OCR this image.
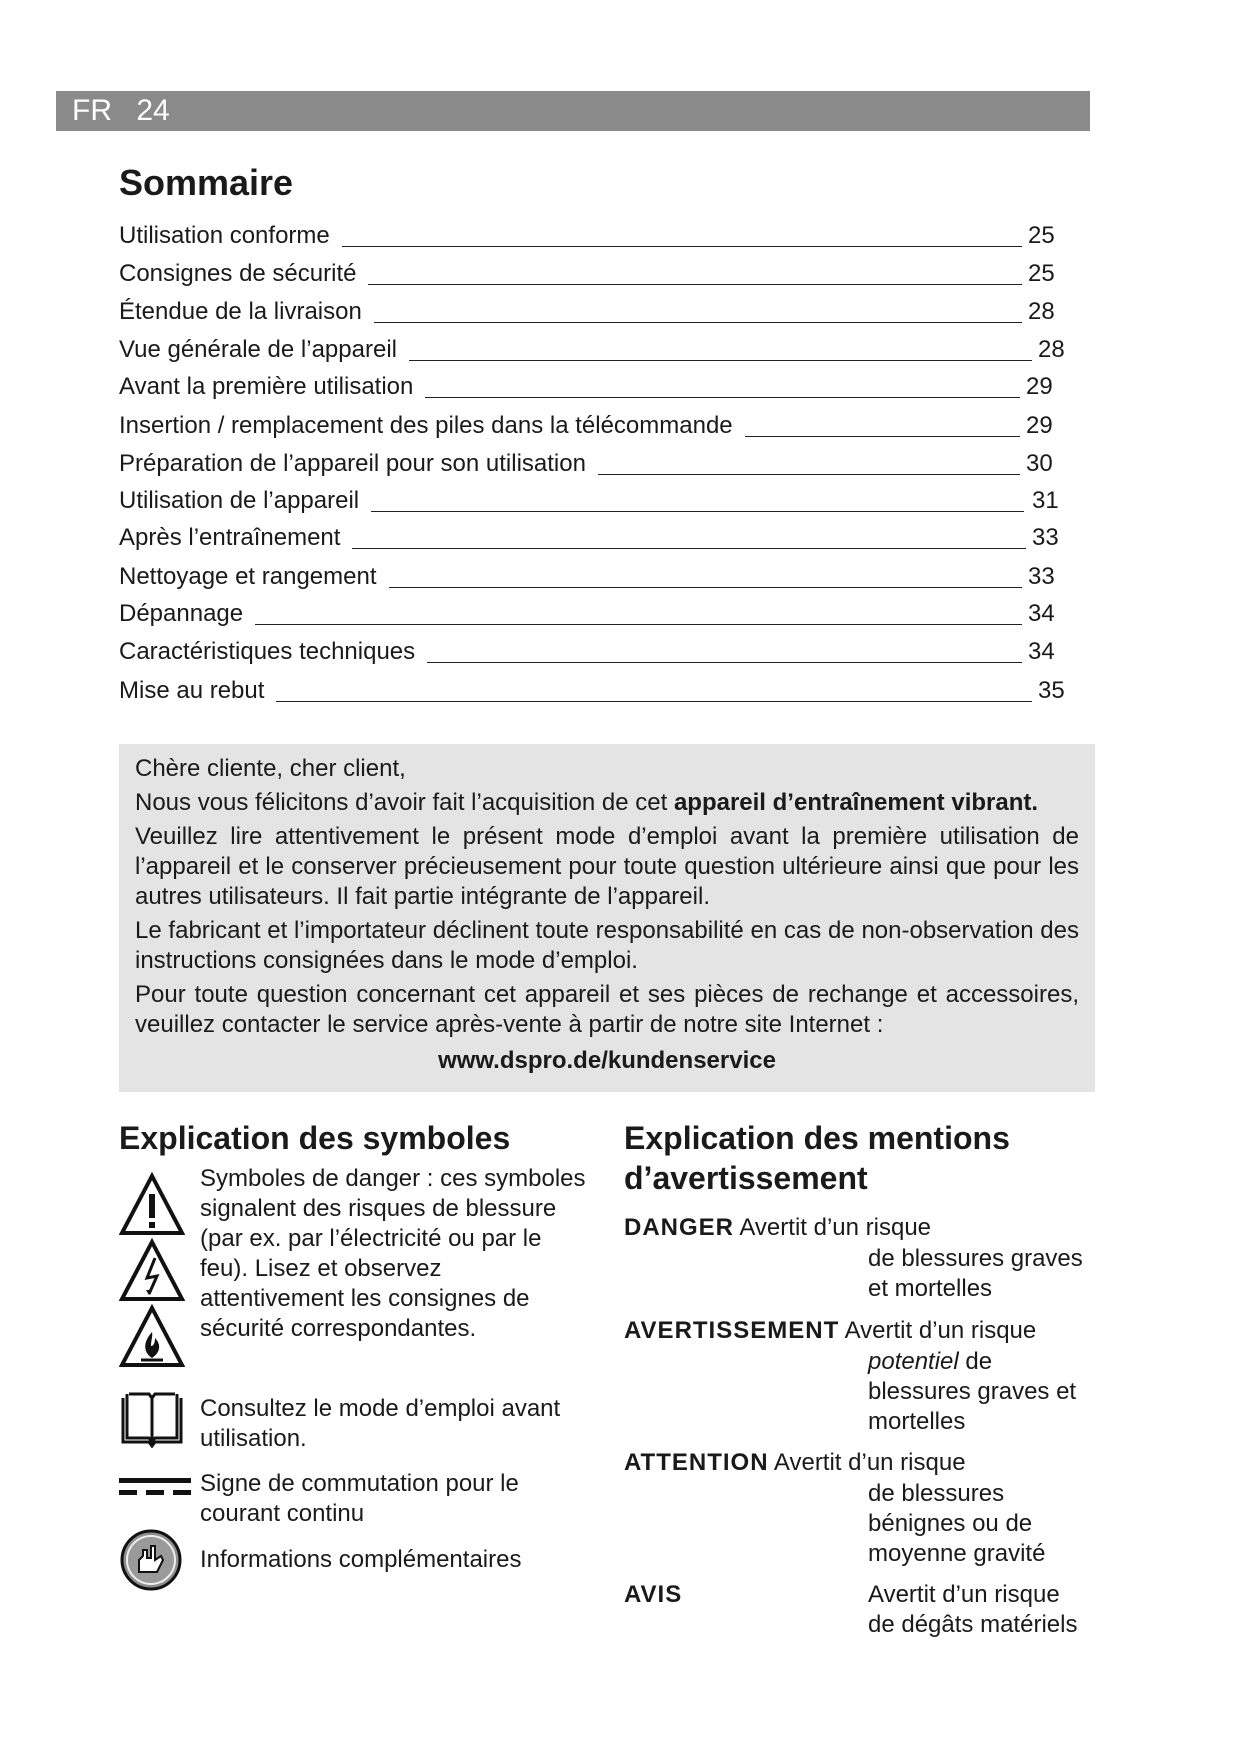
FR 24
Sommaire
Utilisation conforme	25
Consignes de sécurité	25
Étendue de la livraison	28
Vue générale de l’appareil	28
Avant la première utilisation	29
Insertion / remplacement des piles dans la télécommande	29
Préparation de l’appareil pour son utilisation	30
Utilisation de l’appareil	31
Après l’entraînement	33
Nettoyage et rangement	33
Dépannage	34
Caractéristiques techniques	34
Mise au rebut	35

Chère cliente, cher client,

Nous vous félicitons d’avoir fait l’acquisition de cet appareil d’entraînement vibrant.

Veuillez lire attentivement le présent mode d’emploi avant la première utilisation de l’appareil et le conserver précieusement pour toute question ultérieure ainsi que pour les autres utilisateurs. Il fait partie intégrante de l’appareil.

Le fabricant et l’importateur déclinent toute responsabilité en cas de non-observation des instructions consignées dans le mode d’emploi.

Pour toute question concernant cet appareil et ses pièces de rechange et accessoires, veuillez contacter le service après-vente à partir de notre site Internet :

www.dspro.de/kundenservice

Explication des symboles
Symboles de danger : ces symboles signalent des risques de blessure (par ex. par l’électricité ou par le feu). Lisez et observez attentivement les consignes de sécurité correspondantes.
Consultez le mode d’emploi avant utilisation.
Signe de commutation pour le courant continu
Informations complémentaires
Explication des mentions d’avertissement
DANGER Avertit d’un risque
de blessures graves et mortelles
AVERTISSEMENT Avertit d’un risque
potentiel de blessures graves et mortelles
ATTENTION Avertit d’un risque
de blessures bénignes ou de moyenne gravité
AVIS	Avertit d’un risque
de dégâts matériels
